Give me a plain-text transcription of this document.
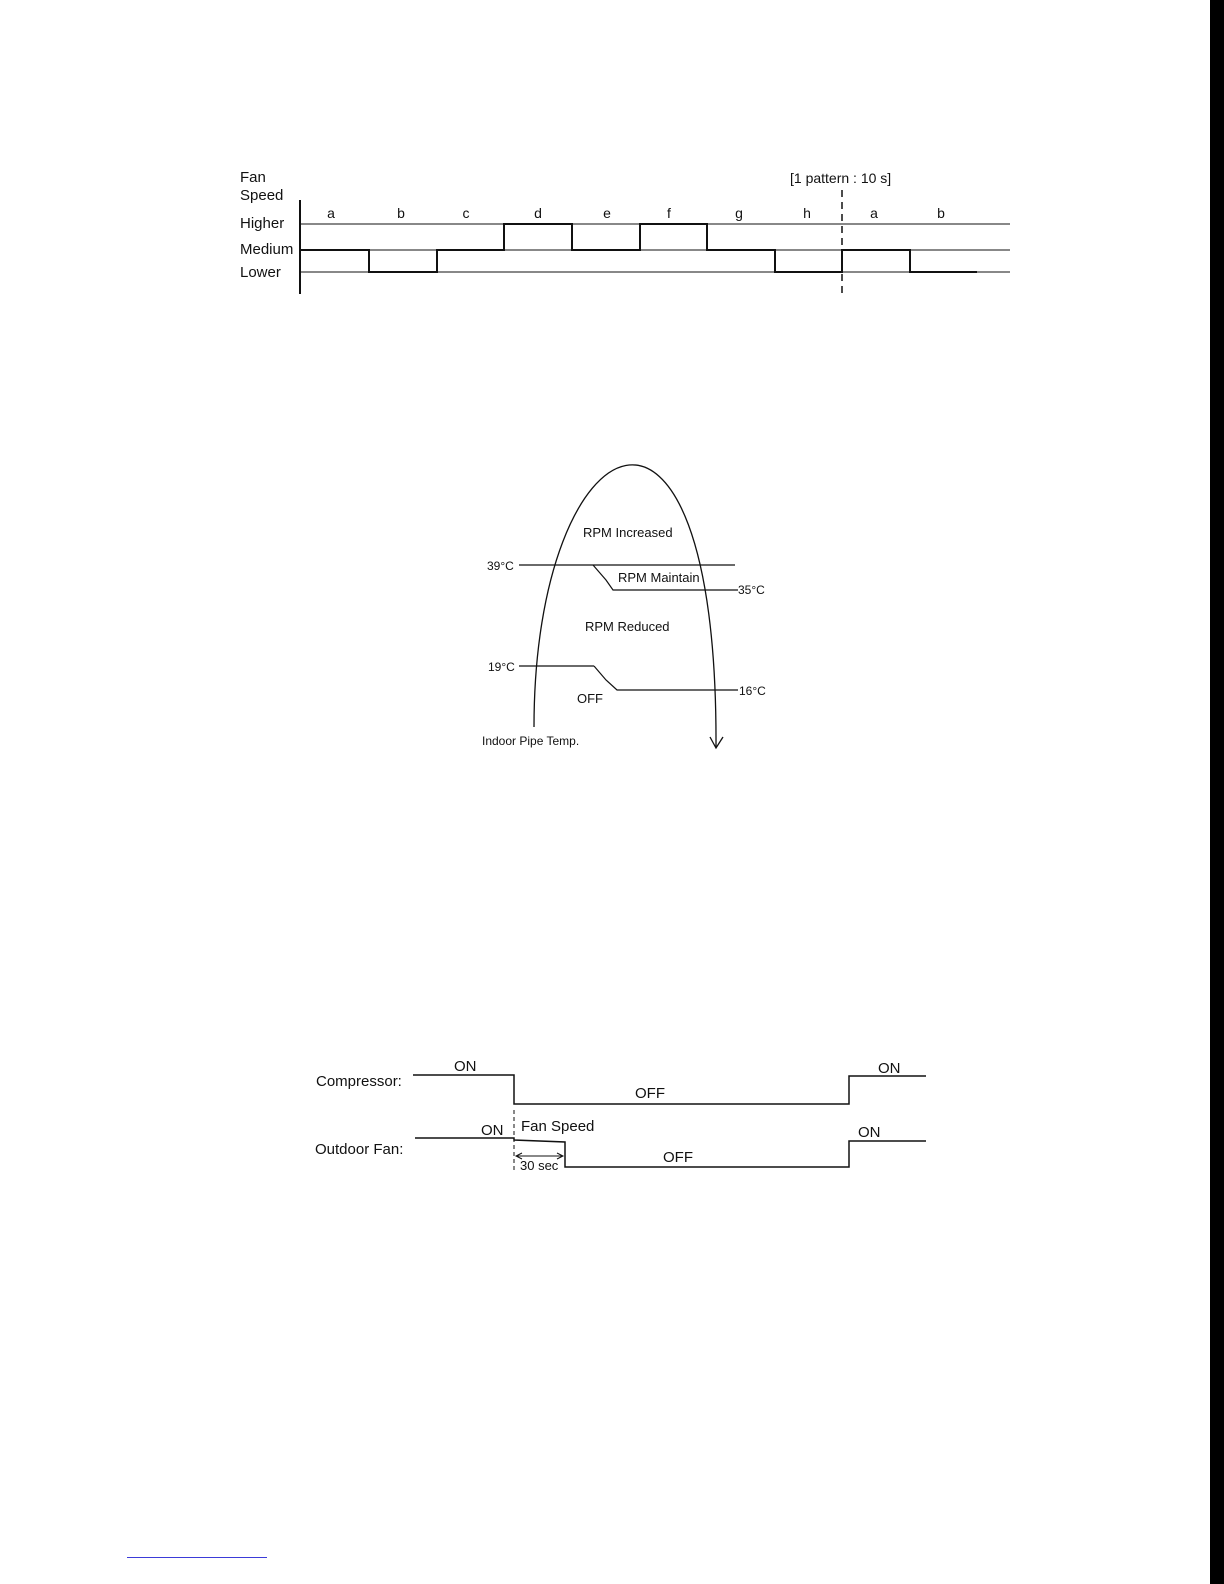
Fan
Speed
Higher
Medium
Lower
[1 pattern : 10 s]
a	b	c	d	e	f	g	h	a	b
RPM Increased
RPM Maintain
RPM Reduced
OFF
39°C
35°C
19°C
16°C
Indoor Pipe Temp.
Compressor:
Outdoor Fan:
ON
OFF
ON
ON Fan Speed
30 sec	OFF
ON
